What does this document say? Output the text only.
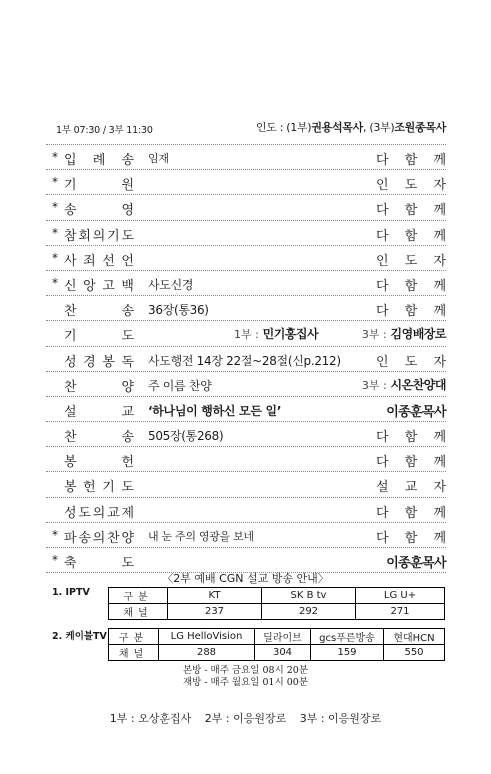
1부 07:30 / 3부 11:30	인도 : (1부)권용석목사, (3부)조원종목사
* 입 례 송 임재	다 함 께
* 기	원	인 도 자
* 송	영	다 함 께
* 참 회 의 기 도	다 함 께
* 사 죄 선 언	인 도 자
* 신 앙 고 백 사도신경	다 함 께
찬	송 36장(통36)	다 함 께
기	도	1부 : 민기홍집사	3부 : 김영배장로
성 경 봉 독 사도행전 14장 22절~28절(신p.212)	인 도 자
찬	양 주 이름 찬양	3부 : 시온찬양대
설	교 ‘하나님이 행하신 모든 일’	이종훈목사
찬	송 505장(통268)	다 함 께
봉	헌	다 함 께
봉 헌 기 도	설 교 자
성 도 의 교 제	다 함 께
* 파 송 의 찬 양 내 눈 주의 영광을 보네	다 함 께
* 축	도	이종훈목사
〈2부 예배 CGN 설교 방송 안내〉
1. IPTV	구분	KT	SK B tv	LG U+
채널	237	292	271
2. 케이블TV 구분	LG HelloVision	딜라이브	gcs푸른방송	현대HCN
채널	288	304	159	550
본방 - 매주 금요일 08시 20분
재방 - 매주 월요일 01시 00분
1부 : 오상훈집사 2부 : 이응원장로 3부 : 이응원장로
